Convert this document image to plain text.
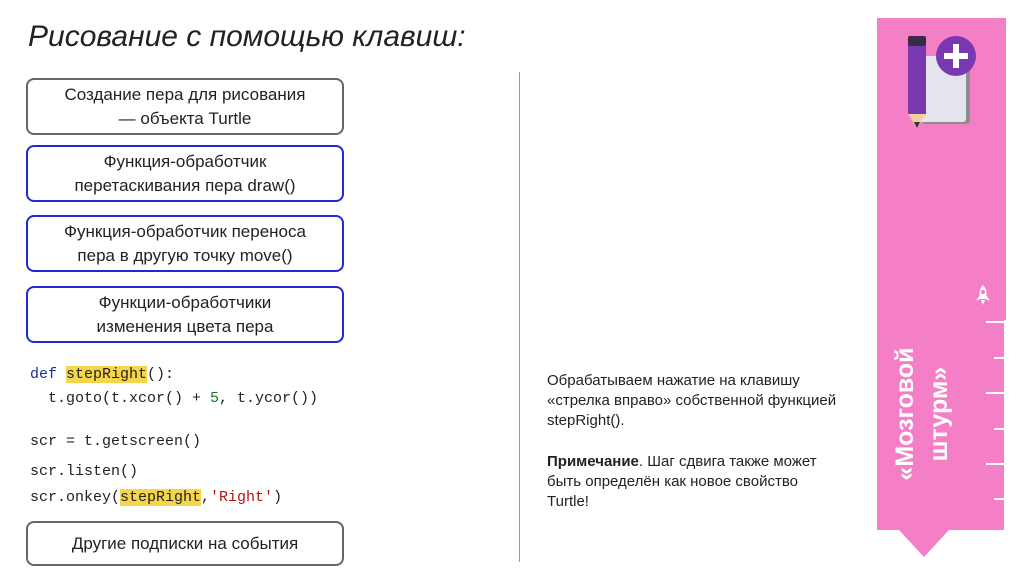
Рисование с помощью клавиш:
Создание пера для рисования
— объекта Turtle
Функция-обработчик
перетаскивания пера draw()
Функция-обработчик переноса
пера в другую точку move()
Функции-обработчики
изменения цвета пера
def stepRight():
t.goto(t.xcor() + 5, t.ycor())
scr = t.getscreen()
scr.listen()
scr.onkey(stepRight,'Right')
Другие подписки на события
Обрабатываем нажатие на клавишу «стрелка вправо» собственной функцией stepRight().
Примечание. Шаг сдвига также может быть определён как новое свойство Turtle!
«Мозговой штурм»
